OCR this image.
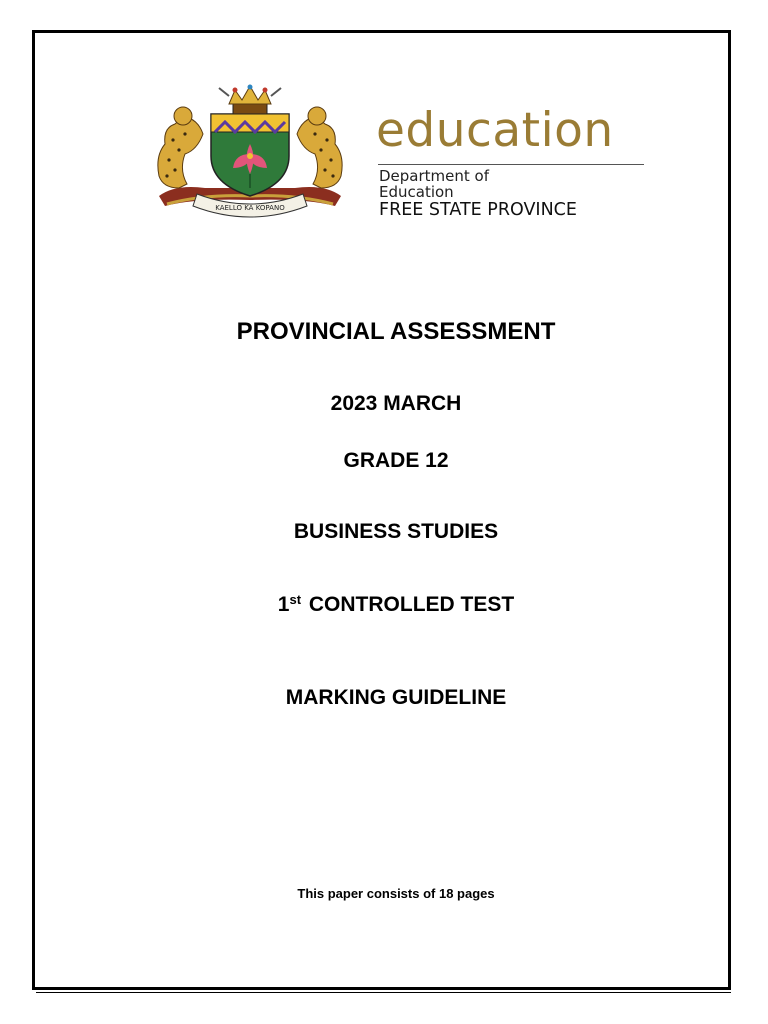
KAELLO KA KOPANO
education
Department of
Education
FREE STATE PROVINCE
PROVINCIAL ASSESSMENT
2023 MARCH
GRADE 12
BUSINESS STUDIES
1st CONTROLLED TEST
MARKING GUIDELINE
This paper consists of 18 pages
